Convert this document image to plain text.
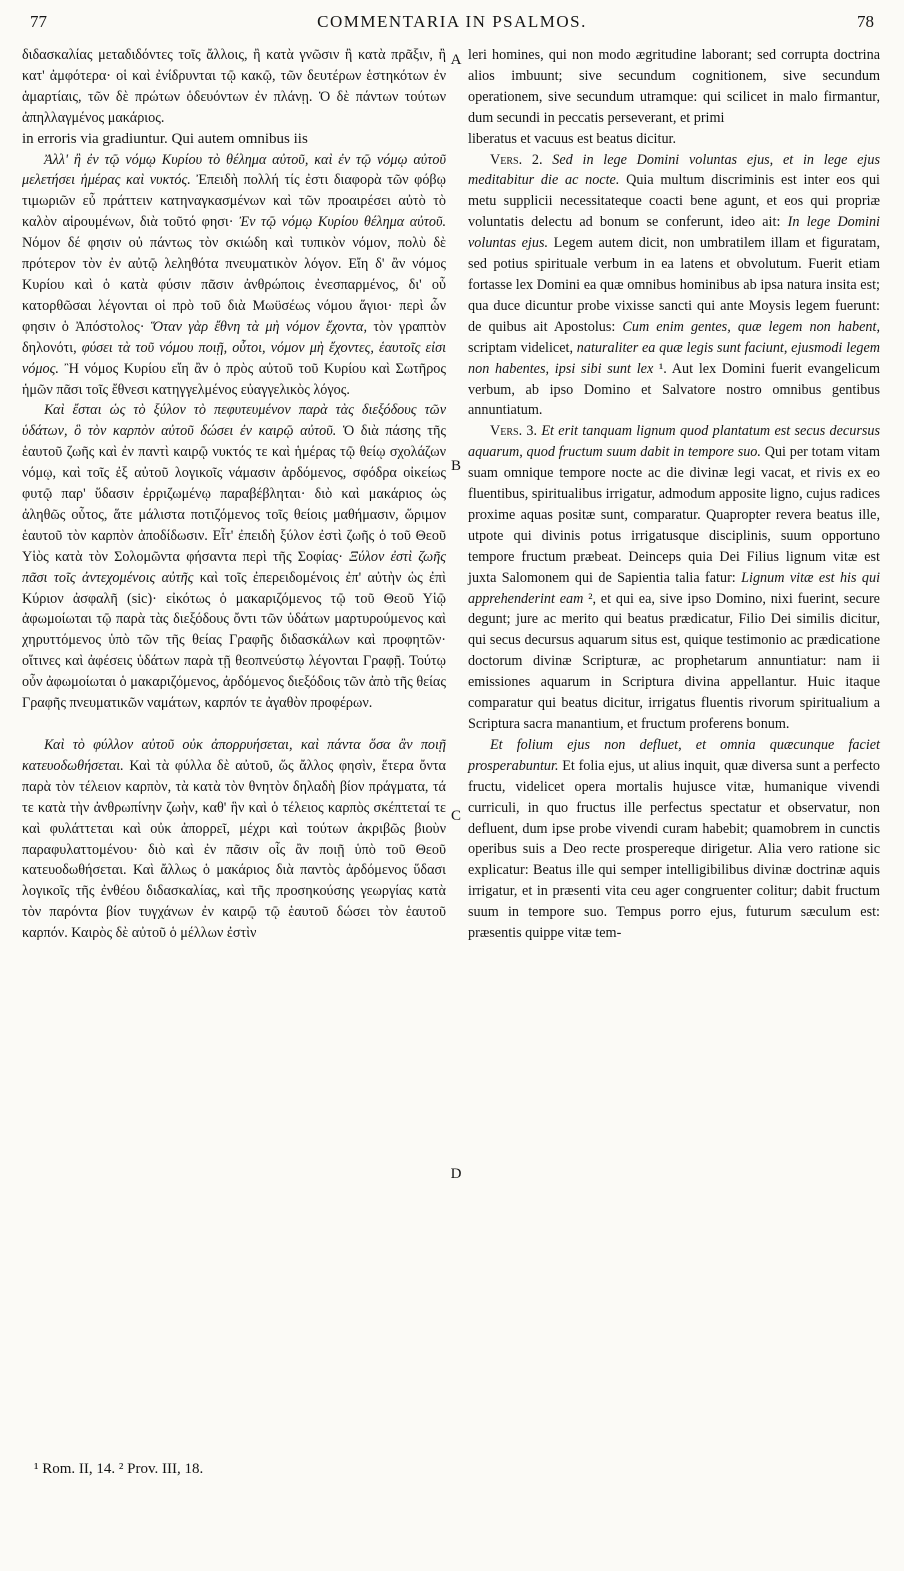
77	COMMENTARIA IN PSALMOS.	78

διδασκαλίας μεταδιδόντες τοῖς ἄλλοις, ἢ κατὰ γνῶσιν ἢ κατὰ πρᾶξιν, ἢ κατ' ἀμφότερα· οἱ καὶ ἐνίδρυνται τῷ κακῷ, τῶν δευτέρων ἑστηκότων ἐν ἁμαρτίαις, τῶν δὲ πρώτων ὁδευόντων ἐν πλάνῃ. Ὁ δὲ πάντων τούτων ἀπηλλαγμένος μακάριος.

in erroris via gradiuntur. Qui autem omnibus iis

Ἀλλ' ἢ ἐν τῷ νόμῳ Κυρίου τὸ θέλημα αὐτοῦ, καὶ ἐν τῷ νόμῳ αὐτοῦ μελετήσει ἡμέρας καὶ νυκτός. Ἐπειδὴ πολλή τίς ἐστι διαφορὰ τῶν φόβῳ τιμωριῶν εὖ πράττειν κατηναγκασμένων καὶ τῶν προαιρέσει αὐτὸ τὸ καλὸν αἱρουμένων, διὰ τοῦτό φησι· Ἐν τῷ νόμῳ Κυρίου θέλημα αὐτοῦ. Νόμον δέ φησιν οὐ πάντως τὸν σκιώδη καὶ τυπικὸν νόμον, πολὺ δὲ πρότερον τὸν ἐν αὐτῷ λεληθότα πνευματικὸν λόγον. Εἴη δ' ἂν νόμος Κυρίου καὶ ὁ κατὰ φύσιν πᾶσιν ἀνθρώποις ἐνεσπαρμένος, δι' οὗ κατορθῶσαι λέγονται οἱ πρὸ τοῦ διὰ Μωϋσέως νόμου ἅγιοι· περὶ ὧν φησιν ὁ Ἀπόστολος· Ὅταν γὰρ ἔθνη τὰ μὴ νόμον ἔχοντα, τὸν γραπτὸν δηλονότι, φύσει τὰ τοῦ νόμου ποιῇ, οὗτοι, νόμον μὴ ἔχοντες, ἑαυτοῖς εἰσι νόμος. Ἢ νόμος Κυρίου εἴη ἂν ὁ πρὸς αὐτοῦ τοῦ Κυρίου καὶ Σωτῆρος ἡμῶν πᾶσι τοῖς ἔθνεσι κατηγγελμένος εὐαγγελικὸς λόγος.

Καὶ ἔσται ὡς τὸ ξύλον τὸ πεφυτευμένον παρὰ τὰς διεξόδους τῶν ὑδάτων, ὃ τὸν καρπὸν αὐτοῦ δώσει ἐν καιρῷ αὐτοῦ. Ὁ διὰ πάσης τῆς ἑαυτοῦ ζωῆς καὶ ἐν παντὶ καιρῷ νυκτός τε καὶ ἡμέρας τῷ θείῳ σχολάζων νόμῳ, καὶ τοῖς ἐξ αὐτοῦ λογικοῖς νάμασιν ἀρδόμενος, σφόδρα οἰκείως φυτῷ παρ' ὕδασιν ἐρριζωμένῳ παραβέβληται· διὸ καὶ μακάριος ὡς ἀληθῶς οὗτος, ἅτε μάλιστα ποτιζόμενος τοῖς θείοις μαθήμασιν, ὥριμον ἑαυτοῦ τὸν καρπὸν ἀποδίδωσιν. Εἶτ' ἐπειδὴ ξύλον ἐστὶ ζωῆς ὁ τοῦ Θεοῦ Υἱὸς κατὰ τὸν Σολομῶντα φήσαντα περὶ τῆς Σοφίας· Ξύλον ἐστὶ ζωῆς πᾶσι τοῖς ἀντεχομένοις αὐτῆς καὶ τοῖς ἐπερειδομένοις ἐπ' αὐτὴν ὡς ἐπὶ Κύριον ἀσφαλῆ (sic)· εἰκότως ὁ μακαριζόμενος τῷ τοῦ Θεοῦ Υἱῷ ἀφωμοίωται τῷ παρὰ τὰς διεξόδους ὄντι τῶν ὑδάτων μαρτυρούμενος καὶ χηρυττόμενος ὑπὸ τῶν τῆς θείας Γραφῆς διδασκάλων καὶ προφητῶν· οἵτινες καὶ ἀφέσεις ὑδάτων παρὰ τῇ θεοπνεύστῳ λέγονται Γραφῇ. Τούτῳ οὖν ἀφωμοίωται ὁ μακαριζόμενος, ἀρδόμενος διεξόδοις τῶν ἀπὸ τῆς θείας Γραφῆς πνευματικῶν ναμάτων, καρπόν τε ἀγαθὸν προφέρων.

Καὶ τὸ φύλλον αὐτοῦ οὐκ ἀπορρυήσεται, καὶ πάντα ὅσα ἂν ποιῇ κατευοδωθήσεται. Καὶ τὰ φύλλα δὲ αὐτοῦ, ὥς ἄλλος φησὶν, ἕτερα ὄντα παρὰ τὸν τέλειον καρπὸν, τὰ κατὰ τὸν θνητὸν δηλαδὴ βίον πράγματα, τά τε κατὰ τὴν ἀνθρωπίνην ζωὴν, καθ' ἣν καὶ ὁ τέλειος καρπὸς σκέπτεταί τε καὶ φυλάττεται καὶ οὐκ ἀπορρεῖ, μέχρι καὶ τούτων ἀκριβῶς βιοὺν παραφυλαττομένου· διὸ καὶ ἐν πᾶσιν οἷς ἂν ποιῇ ὑπὸ τοῦ Θεοῦ κατευοδωθήσεται. Καὶ ἄλλως ὁ μακάριος διὰ παντὸς ἀρδόμενος ὕδασι λογικοῖς τῆς ἐνθέου διδασκαλίας, καὶ τῆς προσηκούσης γεωργίας κατὰ τὸν παρόντα βίον τυγχάνων ἐν καιρῷ τῷ ἑαυτοῦ δώσει τὸν ἑαυτοῦ καρπόν. Καιρὸς δὲ αὐτοῦ ὁ μέλλων ἐστὶν

leri homines, qui non modo ægritudine laborant; sed corrupta doctrina alios imbuunt; sive secundum cognitionem, sive secundum operationem, sive secundum utramque: qui scilicet in malo firmantur, dum secundi in peccatis perseverant, et primi

liberatus et vacuus est beatus dicitur.

Vers. 2. Sed in lege Domini voluntas ejus, et in lege ejus meditabitur die ac nocte. Quia multum discriminis est inter eos qui metu supplicii necessitateque coacti bene agunt, et eos qui propriæ voluntatis delectu ad bonum se conferunt, ideo ait: In lege Domini voluntas ejus. Legem autem dicit, non umbratilem illam et figuratam, sed potius spirituale verbum in ea latens et obvolutum. Fuerit etiam fortasse lex Domini ea quæ omnibus hominibus ab ipsa natura insita est; qua duce dicuntur probe vixisse sancti qui ante Moysis legem fuerunt: de quibus ait Apostolus: Cum enim gentes, quæ legem non habent, scriptam videlicet, naturaliter ea quæ legis sunt faciunt, ejusmodi legem non habentes, ipsi sibi sunt lex ¹. Aut lex Domini fuerit evangelicum verbum, ab ipso Domino et Salvatore nostro omnibus gentibus annuntiatum.

Vers. 3. Et erit tanquam lignum quod plantatum est secus decursus aquarum, quod fructum suum dabit in tempore suo. Qui per totam vitam suam omnique tempore nocte ac die divinæ legi vacat, et rivis ex eo fluentibus, spiritualibus irrigatur, admodum apposite ligno, cujus radices proxime aquas positæ sunt, comparatur. Quapropter revera beatus ille, utpote qui divinis potus irrigatusque disciplinis, suum opportuno tempore fructum præbeat. Deinceps quia Dei Filius lignum vitæ est juxta Salomonem qui de Sapientia talia fatur: Lignum vitæ est his qui apprehenderint eam ², et qui ea, sive ipso Domino, nixi fuerint, secure degunt; jure ac merito qui beatus prædicatur, Filio Dei similis dicitur, qui secus decursus aquarum situs est, quique testimonio ac prædicatione doctorum divinæ Scripturæ, ac prophetarum annuntiatur: nam ii emissiones aquarum in Scriptura divina appellantur. Huic itaque comparatur qui beatus dicitur, irrigatus fluentis rivorum spiritualium a Scriptura sacra manantium, et fructum proferens bonum.

Et folium ejus non defluet, et omnia quæcunque faciet prosperabuntur. Et folia ejus, ut alius inquit, quæ diversa sunt a perfecto fructu, videlicet opera mortalis hujusce vitæ, humanique vivendi curriculi, in quo fructus ille perfectus spectatur et observatur, non defluent, dum ipse probe vivendi curam habebit; quamobrem in cunctis operibus suis a Deo recte prospereque dirigetur. Alia vero ratione sic explicatur: Beatus ille qui semper intelligibilibus divinæ doctrinæ aquis irrigatur, et in præsenti vita ceu ager congruenter colitur; dabit fructum suum in tempore suo. Tempus porro ejus, futurum sæculum est: præsentis quippe vitæ tem-

A
B
C
D
¹ Rom. II, 14. ² Prov. III, 18.
